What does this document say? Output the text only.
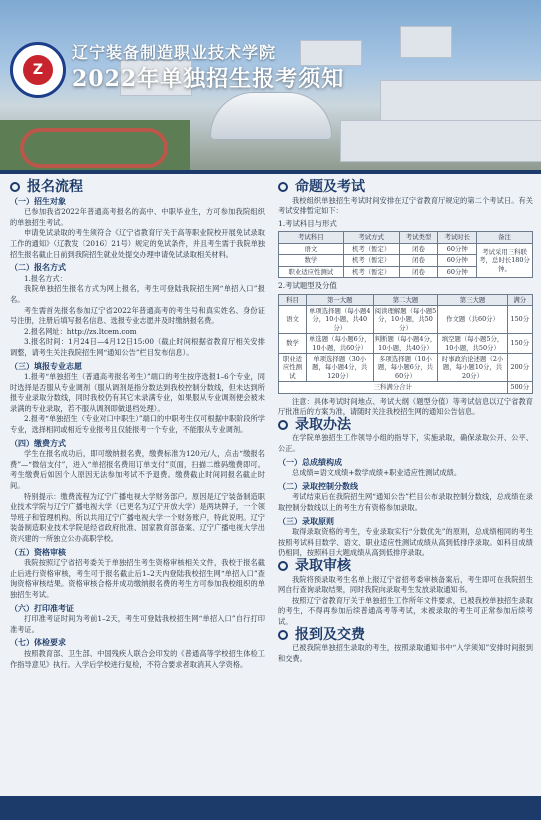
Z
辽宁装备制造职业技术学院
2022年单独招生报考须知
报名流程
（一）招生对象

已参加我省2022年普通高考报名的高中、中职毕业生，方可参加我院组织的单独招生考试。

申请免试录取的考生须符合《辽宁省教育厅关于高等职业院校开展免试录取工作的通知》（辽教发〔2016〕21号）规定的免试条件，并且考生需于我院单独招生报名截止日前到我院招生就业处提交办理申请免试录取相关材料。

（二）报名方式

1.报名方式：

我院单独招生报名方式为网上报名，考生可登陆我院招生网“单招入口”报名。

考生需首先报名参加辽宁省2022年普通高考的考生号和真实姓名、身份证号注册，注册后填写报名信息、选报专业志愿并及时缴纳报名费。

2.报名网址：http://zs.ltcem.com

3.报名时间：1月24日—4月12日15:00（截止时间根据省教育厅相关安排调整，请考生关注我院招生网“通知公告”栏目发布信息）。

（三）填报专业志愿

1.报考“单独招生（普通高考报名考生）”端口的考生按序选报1–6个专业，同时选择是否服从专业调剂（服从调剂是指分数达到我校控制分数线，但未达到所报专业录取分数线，同时我校仍有其它未录满专业，如果服从专业调剂便会被未录满的专业录取，若不服从调剂即做退档处理）。

2.报考“单独招生（专业对口中职生）”端口的中职考生仅可根据中职阶段所学专业，选择相同或相近专业报考且仅能报考一个专业，不能服从专业调剂。

（四）缴费方式

学生在报名成功后，即可缴纳报名费，缴费标准为120元/人，点击“缴报名费”—“微信支付”，进入“单招报名费用订单支付”页面，扫描二维码缴费即可。考生缴费后如因个人原因无法参加考试不予退费。缴费截止时间同报名截止时间。

特别提示：缴费流程为辽宁广播电视大学财务部户。原因是辽宁装备制造职业技术学院与辽宁广播电视大学（已更名为辽宁开放大学）是两块牌子，一个领导班子和管理机构。所以共用辽宁广播电视大学一个财务账户，特此说明。辽宁装备制造职业技术学院是经省政府批准、国家教育部备案、辽宁广播电视大学出资兴建的一所独立公办高职学校。

（五）资格审核

我院按照辽宁省招考委关于单独招生考生资格审核相关文件，我校于报名截止后进行资格审核，考生可于报名截止后1–2天内登陆我校招生网“单招入口”查询资格审核结果。资格审核合格并成功缴纳报名费的考生方可参加我校组织的单独招生考试。

（六）打印准考证

打印准考证时间为考前1–2天，考生可登陆我校招生网“单招入口”自行打印准考证。

（七）体检要求

按照教育部、卫生部、中国残疾人联合会印发的《普通高等学校招生体检工作指导意见》执行。入学后学校进行复检，不符合要求者取消其入学资格。

命题及考试

我校组织单独招生考试时间安排在辽宁省教育厅规定的第二个考试日。有关考试安排暂定如下：

1.考试科目与形式
考试科目	考试方式	考试类型	考试时长	备注
语文	机考（暂定）	闭卷	60分钟	考试采用三科联考，总时长180分钟。
数学	机考（暂定）	闭卷	60分钟	
职业适应性测试	机考（暂定）	闭卷	60分钟	
2.考试题型及分值
科目	第一大题	第二大题	第三大题	满分
语文	单项选择题（每小题4分，10小题，共40分）	阅读理解题（每小题5分，10小题，共50分）	作文题（共60分）	150分
数学	单选题（每小题6分，10小题，共60分）	判断题（每小题4分，10小题，共40分）	填空题（每小题5分，10小题，共50分）	150分
职业适应性测试	单项选择题（30小题，每小题4分，共120分）	多项选择题（10小题，每小题6分，共60分）	时事政治论述题（2小题，每小题10分，共20分）	200分
三科满分合计				500分

注意：具体考试时间地点、考试大纲（题型分值）等考试信息以辽宁省教育厅批准后的方案为准，请随时关注我校招生网的通知公告信息。

录取办法

在学院单独招生工作领导小组的指导下，实施录取，确保录取公开、公平、公正。

（一）总成绩构成

总成绩=语文成绩+数学成绩+职业适应性测试成绩。

（二）录取控制分数线

考试结束后在我院招生网“通知公告”栏目公布录取控制分数线，总成绩在录取控制分数线以上的考生方有资格参加录取。

（三）录取原则

取得录取资格的考生，专业录取实行“分数优先”的原则，总成绩相同的考生按照考试科目数学、语文、职业适应性测试成绩从高到低排序录取。如科目成绩仍相同，按照科目大题成绩从高到低排序录取。

录取审核

我院将预录取考生名单上报辽宁省招考委审核备案后，考生即可在我院招生网自行查询录取结果，同时我院向录取考生发放录取通知书。

按照辽宁省教育厅关于单独招生工作所年文件要求，已被我校单独招生录取的考生，不得再参加后续普通高考等考试，未被录取的考生可正常参加后续考试。

报到及交费

已被我院单独招生录取的考生，按照录取通知书中“入学须知”安排时间报到和交费。
